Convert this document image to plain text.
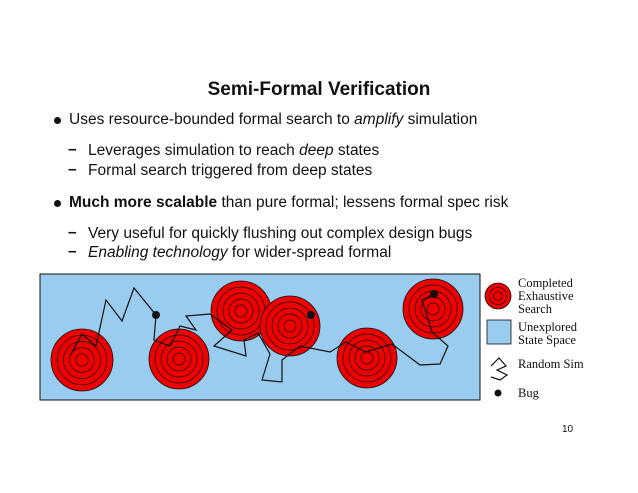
Semi-Formal Verification
Uses resource-bounded formal search to amplify simulation
– Leverages simulation to reach deep states
– Formal search triggered from deep states
Much more scalable than pure formal; lessens formal spec risk
– Very useful for quickly flushing out complex design bugs
– Enabling technology for wider-spread formal
Completed
Exhaustive
Search
Unexplored
State Space
Random Sim
Bug
10
